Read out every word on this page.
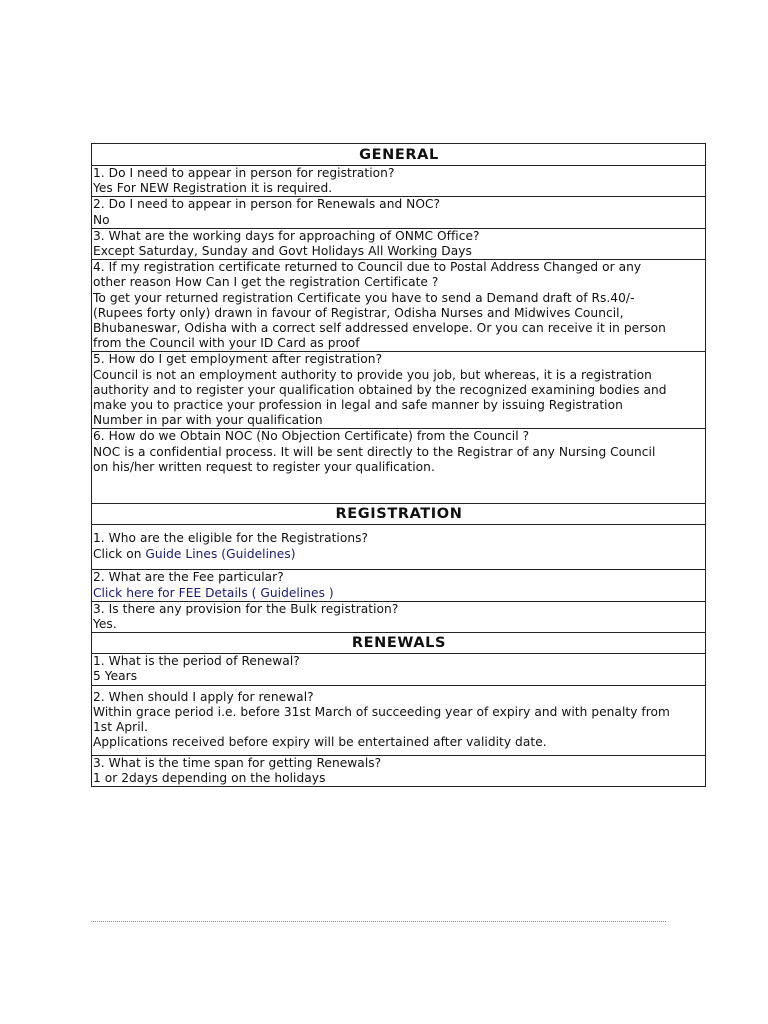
GENERAL

1. Do I need to appear in person for registration?
Yes For NEW Registration it is required.

2. Do I need to appear in person for Renewals and NOC?
No

3. What are the working days for approaching of ONMC Office?
Except Saturday, Sunday and Govt Holidays All Working Days

4. If my registration certificate returned to Council due to Postal Address Changed or any
other reason How Can I get the registration Certificate ?
To get your returned registration Certificate you have to send a Demand draft of Rs.40/-
(Rupees forty only) drawn in favour of Registrar, Odisha Nurses and Midwives Council,
Bhubaneswar, Odisha with a correct self addressed envelope. Or you can receive it in person
from the Council with your ID Card as proof

5. How do I get employment after registration?
Council is not an employment authority to provide you job, but whereas, it is a registration
authority and to register your qualification obtained by the recognized examining bodies and
make you to practice your profession in legal and safe manner by issuing Registration
Number in par with your qualification

6. How do we Obtain NOC (No Objection Certificate) from the Council ?
NOC is a confidential process. It will be sent directly to the Registrar of any Nursing Council
on his/her written request to register your qualification.

REGISTRATION

1. Who are the eligible for the Registrations?
Click on Guide Lines (Guidelines)

2. What are the Fee particular?
Click here for FEE Details ( Guidelines )

3. Is there any provision for the Bulk registration?
Yes.

RENEWALS

1. What is the period of Renewal?
5 Years

2. When should I apply for renewal?
Within grace period i.e. before 31st March of succeeding year of expiry and with penalty from
1st April.
Applications received before expiry will be entertained after validity date.

3. What is the time span for getting Renewals?
1 or 2days depending on the holidays
